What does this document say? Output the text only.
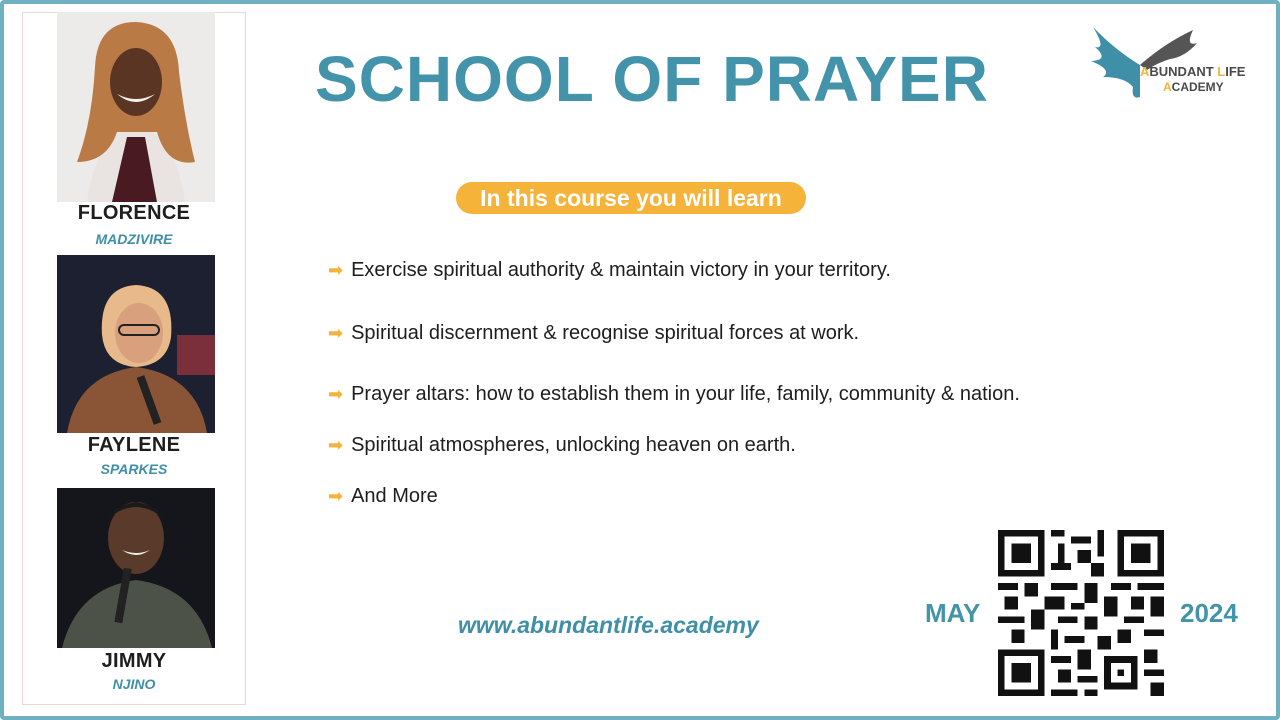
FLORENCE
MADZIVIRE
FAYLENE
SPARKES
JIMMY
NJINO
SCHOOL OF PRAYER	ABUNDANT LIFE
ACADEMY
In this course you will learn
➡ Exercise spiritual authority & maintain victory in your territory.
➡ Spiritual discernment & recognise spiritual forces at work.
➡ Prayer altars: how to establish them in your life, family, community & nation.
➡ Spiritual atmospheres, unlocking heaven on earth.
➡ And More
www.abundantlife.academy	MAY	2024
